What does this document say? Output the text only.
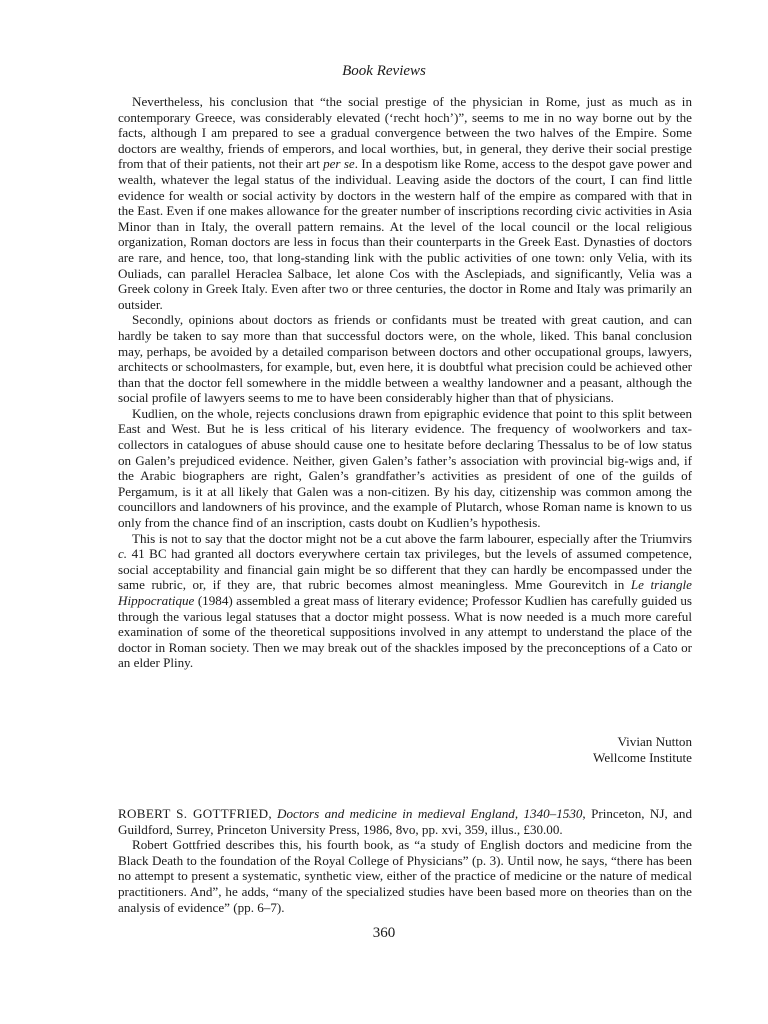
Book Reviews

Nevertheless, his conclusion that “the social prestige of the physician in Rome, just as much as in contemporary Greece, was considerably elevated (‘recht hoch’)”, seems to me in no way borne out by the facts, although I am prepared to see a gradual convergence between the two halves of the Empire. Some doctors are wealthy, friends of emperors, and local worthies, but, in general, they derive their social prestige from that of their patients, not their art per se. In a despotism like Rome, access to the despot gave power and wealth, whatever the legal status of the individual. Leaving aside the doctors of the court, I can find little evidence for wealth or social activity by doctors in the western half of the empire as compared with that in the East. Even if one makes allowance for the greater number of inscriptions recording civic activities in Asia Minor than in Italy, the overall pattern remains. At the level of the local council or the local religious organization, Roman doctors are less in focus than their counterparts in the Greek East. Dynasties of doctors are rare, and hence, too, that long-standing link with the public activities of one town: only Velia, with its Ouliads, can parallel Heraclea Salbace, let alone Cos with the Asclepiads, and significantly, Velia was a Greek colony in Greek Italy. Even after two or three centuries, the doctor in Rome and Italy was primarily an outsider.

Secondly, opinions about doctors as friends or confidants must be treated with great caution, and can hardly be taken to say more than that successful doctors were, on the whole, liked. This banal conclusion may, perhaps, be avoided by a detailed comparison between doctors and other occupational groups, lawyers, architects or schoolmasters, for example, but, even here, it is doubtful what precision could be achieved other than that the doctor fell somewhere in the middle between a wealthy landowner and a peasant, although the social profile of lawyers seems to me to have been considerably higher than that of physicians.

Kudlien, on the whole, rejects conclusions drawn from epigraphic evidence that point to this split between East and West. But he is less critical of his literary evidence. The frequency of woolworkers and tax-collectors in catalogues of abuse should cause one to hesitate before declaring Thessalus to be of low status on Galen’s prejudiced evidence. Neither, given Galen’s father’s association with provincial big-wigs and, if the Arabic biographers are right, Galen’s grandfather’s activities as president of one of the guilds of Pergamum, is it at all likely that Galen was a non-citizen. By his day, citizenship was common among the councillors and landowners of his province, and the example of Plutarch, whose Roman name is known to us only from the chance find of an inscription, casts doubt on Kudlien’s hypothesis.

This is not to say that the doctor might not be a cut above the farm labourer, especially after the Triumvirs c. 41 BC had granted all doctors everywhere certain tax privileges, but the levels of assumed competence, social acceptability and financial gain might be so different that they can hardly be encompassed under the same rubric, or, if they are, that rubric becomes almost meaningless. Mme Gourevitch in Le triangle Hippocratique (1984) assembled a great mass of literary evidence; Professor Kudlien has carefully guided us through the various legal statuses that a doctor might possess. What is now needed is a much more careful examination of some of the theoretical suppositions involved in any attempt to understand the place of the doctor in Roman society. Then we may break out of the shackles imposed by the preconceptions of a Cato or an elder Pliny.

Vivian Nutton
Wellcome Institute

ROBERT S. GOTTFRIED, Doctors and medicine in medieval England, 1340–1530, Princeton, NJ, and Guildford, Surrey, Princeton University Press, 1986, 8vo, pp. xvi, 359, illus., £30.00.

Robert Gottfried describes this, his fourth book, as “a study of English doctors and medicine from the Black Death to the foundation of the Royal College of Physicians” (p. 3). Until now, he says, “there has been no attempt to present a systematic, synthetic view, either of the practice of medicine or the nature of medical practitioners. And”, he adds, “many of the specialized studies have been based more on theories than on the analysis of evidence” (pp. 6–7).

360
